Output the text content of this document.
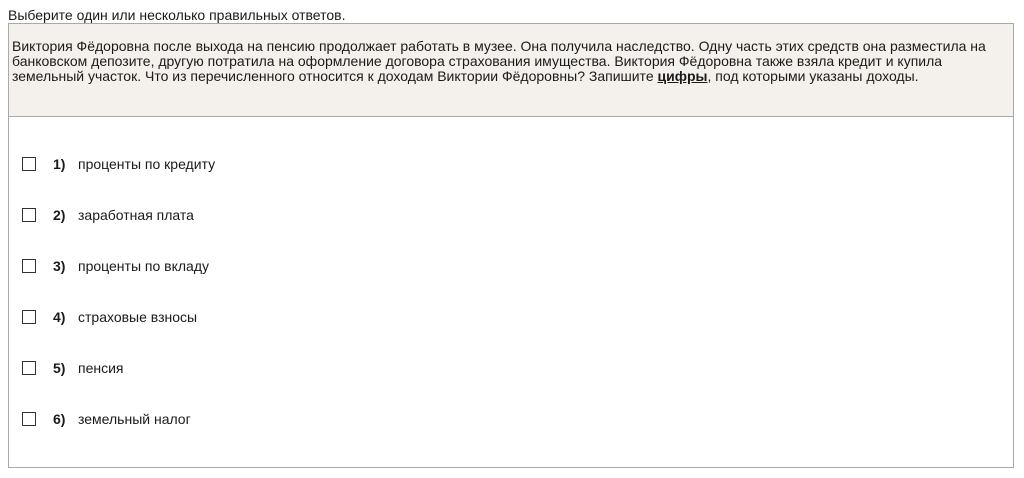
Выберите один или несколько правильных ответов.
Виктория Фёдоровна после выхода на пенсию продолжает работать в музее. Она получила наследство. Одну часть этих средств она разместила на банковском депозите, другую потратила на оформление договора страхования имущества. Виктория Фёдоровна также взяла кредит и купила земельный участок. Что из перечисленного относится к доходам Виктории Фёдоровны? Запишите цифры, под которыми указаны доходы.
1) проценты по кредиту
2) заработная плата
3) проценты по вкладу
4) страховые взносы
5) пенсия
6) земельный налог
